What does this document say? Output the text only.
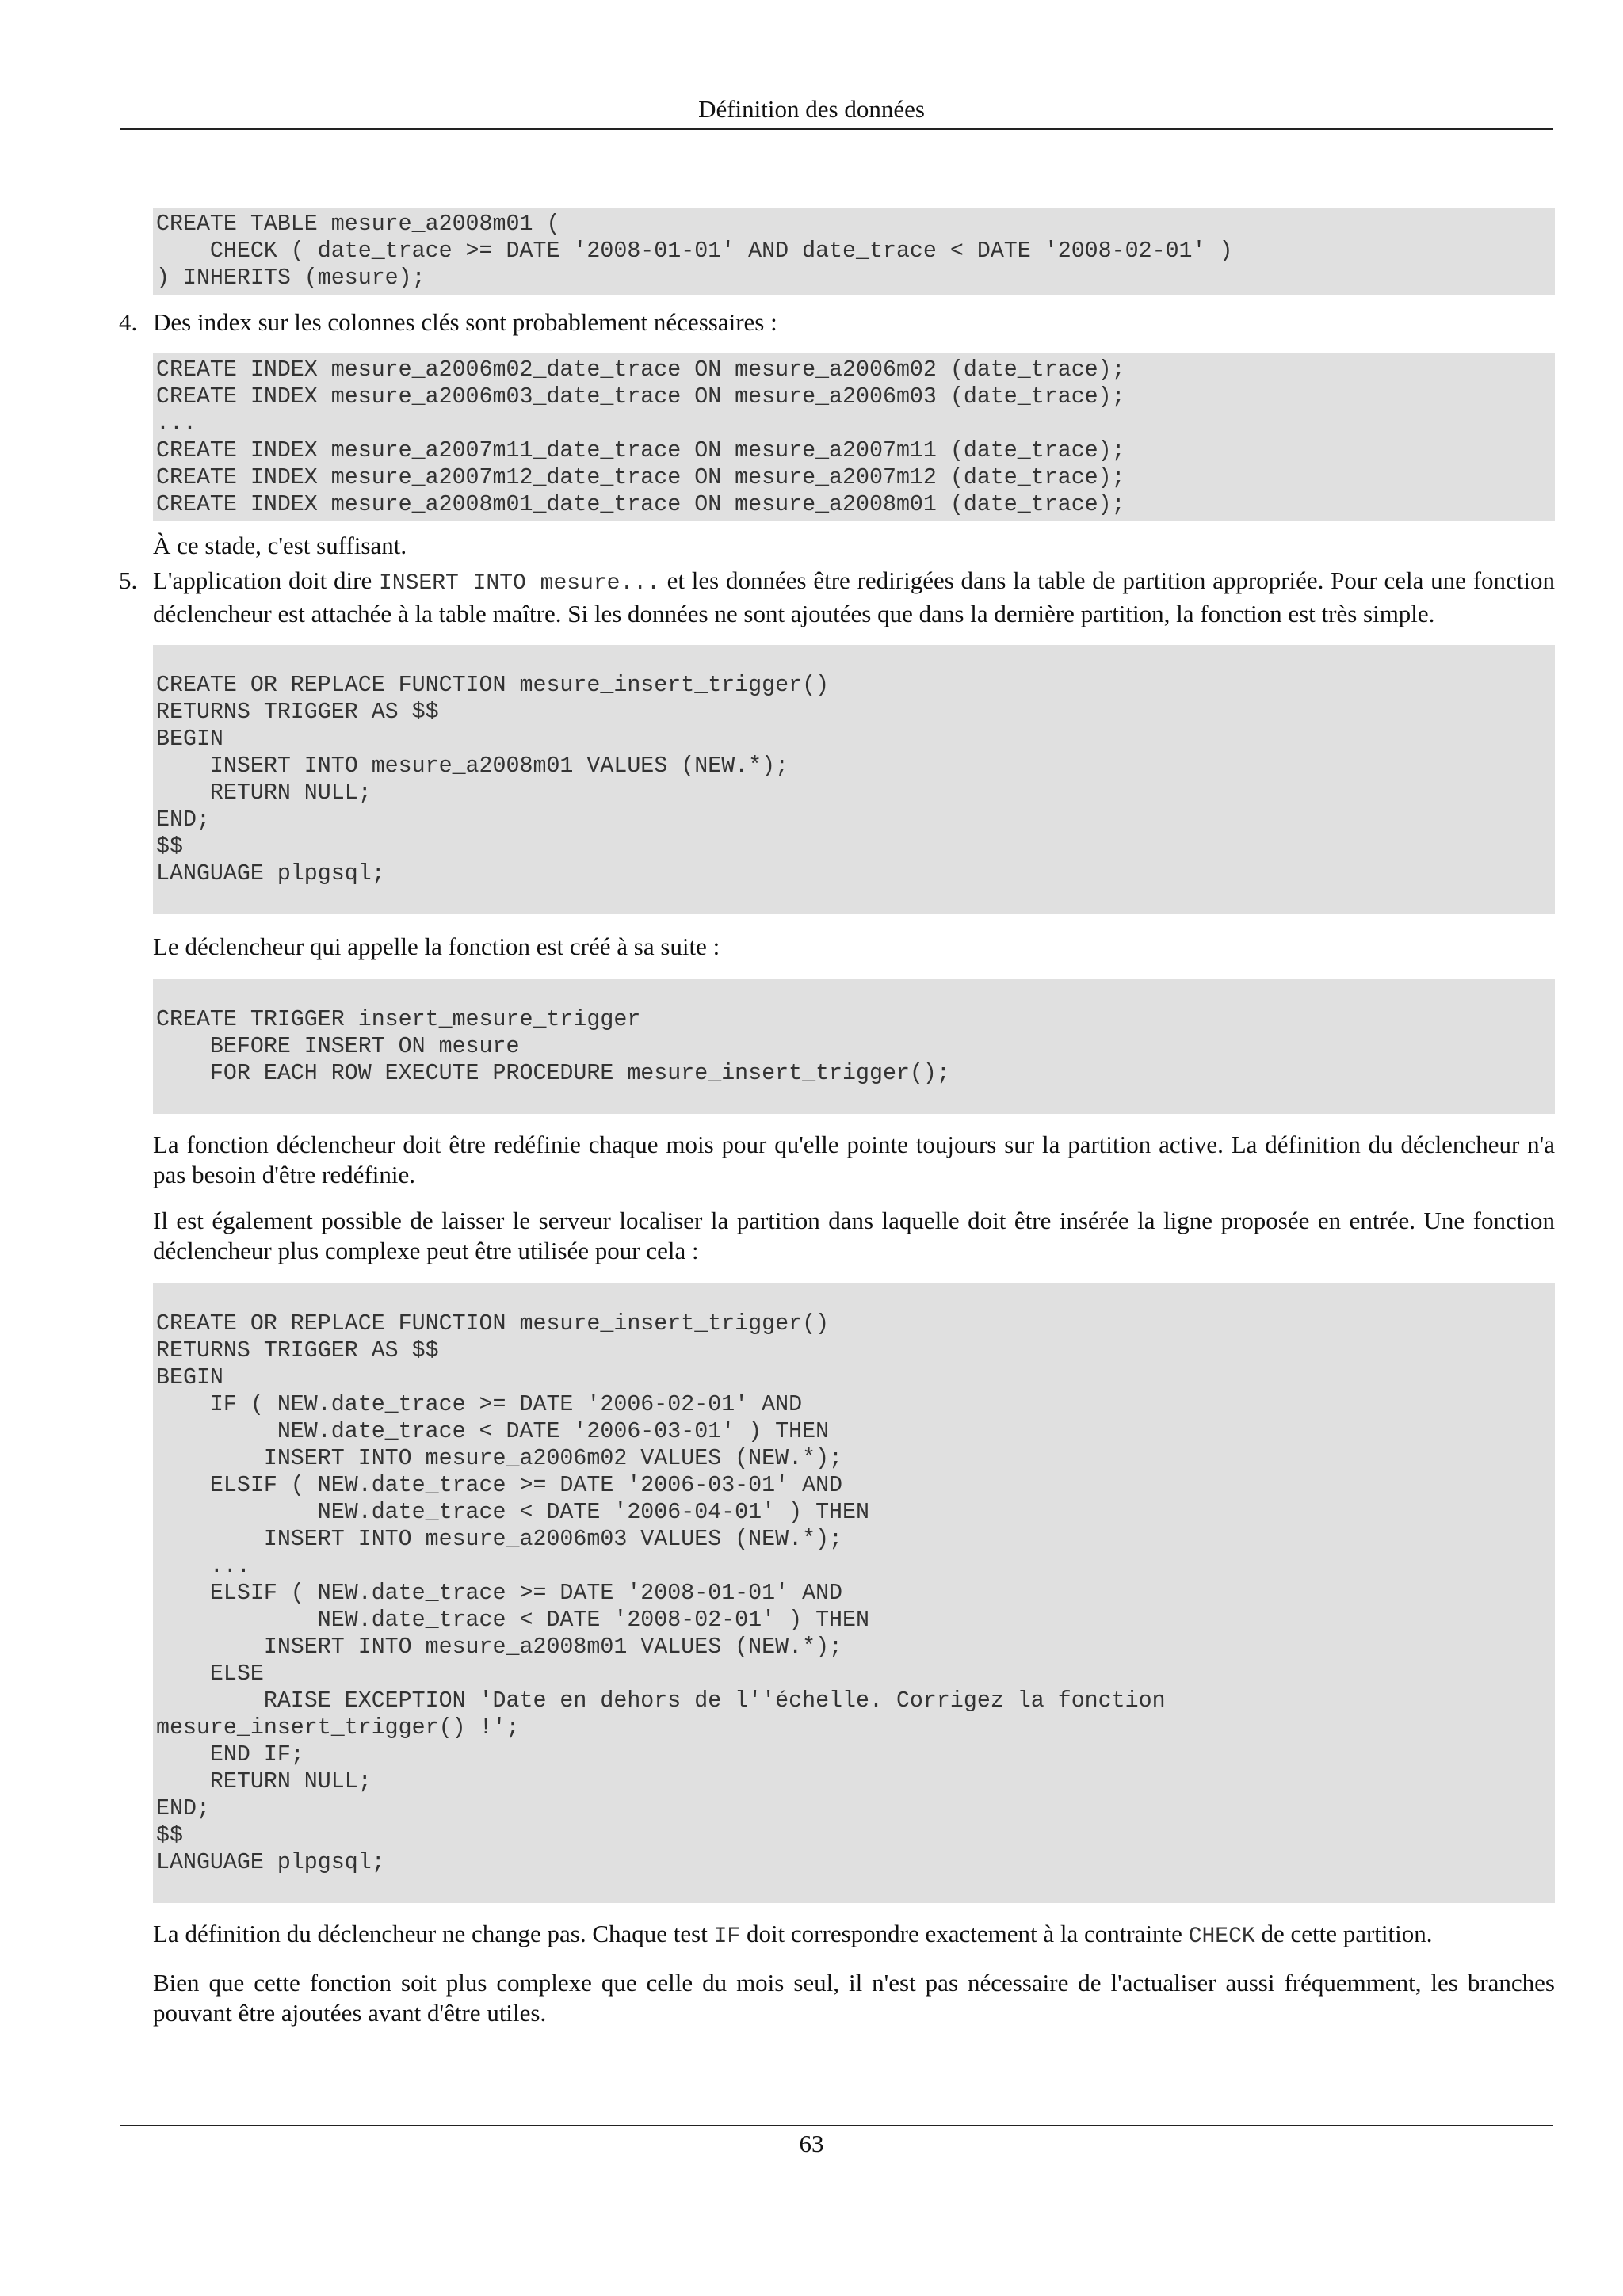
Définition des données
CREATE TABLE mesure_a2008m01 (
CHECK ( date_trace >= DATE '2008-01-01' AND date_trace < DATE '2008-02-01' )
) INHERITS (mesure);
4. Des index sur les colonnes clés sont probablement nécessaires :

CREATE INDEX mesure_a2006m02_date_trace ON mesure_a2006m02 (date_trace);
CREATE INDEX mesure_a2006m03_date_trace ON mesure_a2006m03 (date_trace);
...
CREATE INDEX mesure_a2007m11_date_trace ON mesure_a2007m11 (date_trace);
CREATE INDEX mesure_a2007m12_date_trace ON mesure_a2007m12 (date_trace);
CREATE INDEX mesure_a2008m01_date_trace ON mesure_a2008m01 (date_trace);

À ce stade, c'est suffisant.

5. L'application doit dire INSERT INTO mesure... et les données être redirigées dans la table de partition appropriée. Pour cela une fonction déclencheur est attachée à la table maître. Si les données ne sont ajoutées que dans la dernière partition, la fonction est très simple.

CREATE OR REPLACE FUNCTION mesure_insert_trigger()
RETURNS TRIGGER AS $$
BEGIN
INSERT INTO mesure_a2008m01 VALUES (NEW.*);
RETURN NULL;
END;
$$
LANGUAGE plpgsql;

Le déclencheur qui appelle la fonction est créé à sa suite :

CREATE TRIGGER insert_mesure_trigger
BEFORE INSERT ON mesure
FOR EACH ROW EXECUTE PROCEDURE mesure_insert_trigger();

La fonction déclencheur doit être redéfinie chaque mois pour qu'elle pointe toujours sur la partition active. La définition du déclencheur n'a pas besoin d'être redéfinie.

Il est également possible de laisser le serveur localiser la partition dans laquelle doit être insérée la ligne proposée en entrée. Une fonction déclencheur plus complexe peut être utilisée pour cela :

CREATE OR REPLACE FUNCTION mesure_insert_trigger()
RETURNS TRIGGER AS $$
BEGIN
IF ( NEW.date_trace >= DATE '2006-02-01' AND
NEW.date_trace < DATE '2006-03-01' ) THEN
INSERT INTO mesure_a2006m02 VALUES (NEW.*);
ELSIF ( NEW.date_trace >= DATE '2006-03-01' AND
NEW.date_trace < DATE '2006-04-01' ) THEN
INSERT INTO mesure_a2006m03 VALUES (NEW.*);
...
ELSIF ( NEW.date_trace >= DATE '2008-01-01' AND
NEW.date_trace < DATE '2008-02-01' ) THEN
INSERT INTO mesure_a2008m01 VALUES (NEW.*);
ELSE
RAISE EXCEPTION 'Date en dehors de l''échelle. Corrigez la fonction
mesure_insert_trigger() !';
END IF;
RETURN NULL;
END;
$$
LANGUAGE plpgsql;

La définition du déclencheur ne change pas. Chaque test IF doit correspondre exactement à la contrainte CHECK de cette partition.

Bien que cette fonction soit plus complexe que celle du mois seul, il n'est pas nécessaire de l'actualiser aussi fréquemment, les branches pouvant être ajoutées avant d'être utiles.

63
